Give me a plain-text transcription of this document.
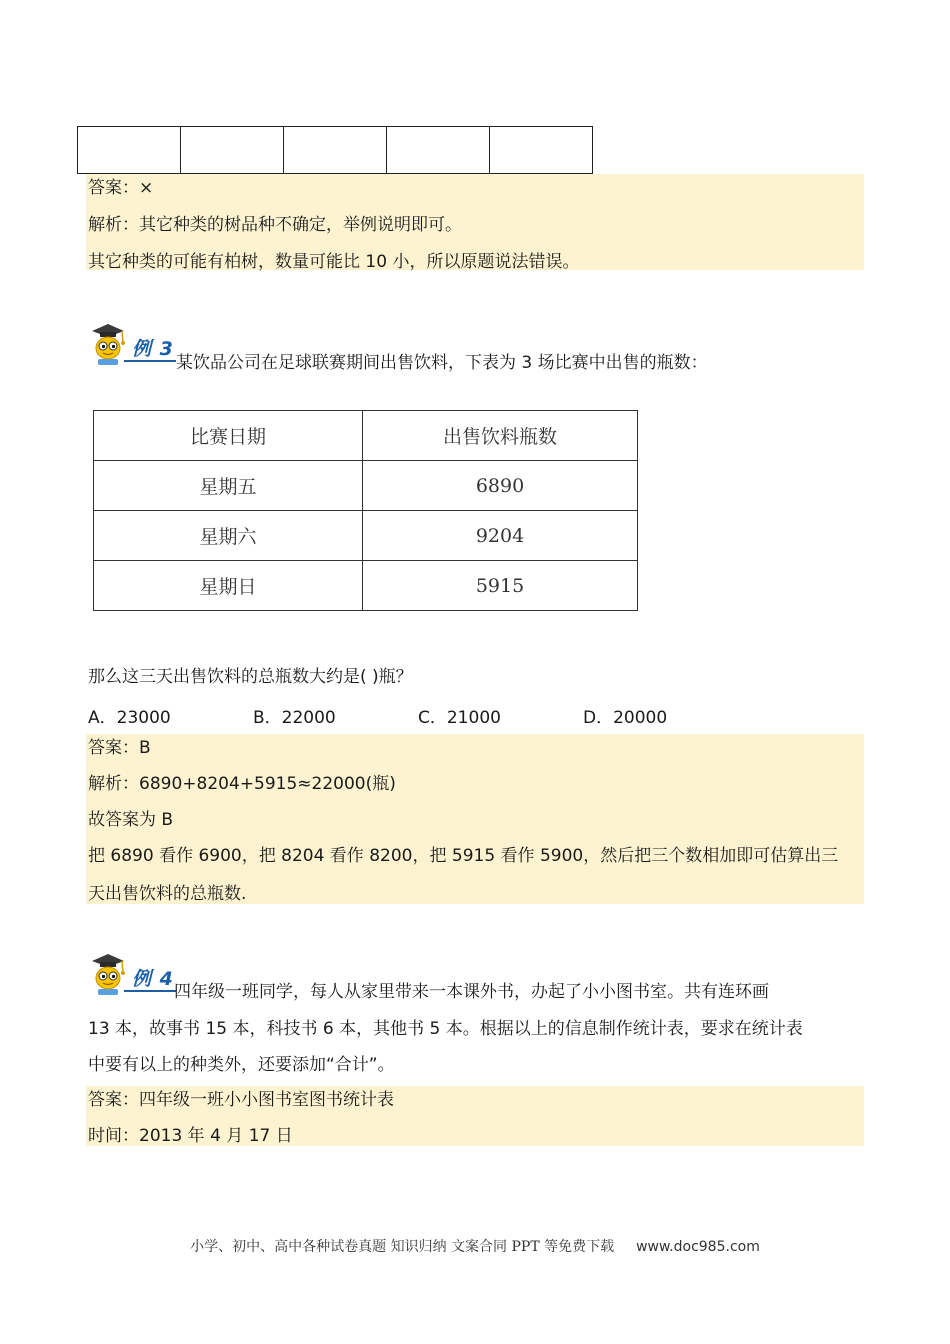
答案：×
解析：其它种类的树品种不确定，举例说明即可。
其它种类的可能有柏树，数量可能比 10 小，所以原题说法错误。
例 3
某饮品公司在足球联赛期间出售饮料，下表为 3 场比赛中出售的瓶数：
比赛日期	出售饮料瓶数
星期五	6890
星期六	9204
星期日	5915
那么这三天出售饮料的总瓶数大约是( )瓶？
A．23000	B．22000	C．21000	D．20000
答案：B
解析：6890+8204+5915≈22000(瓶)
故答案为 B
把 6890 看作 6900，把 8204 看作 8200，把 5915 看作 5900，然后把三个数相加即可估算出三
天出售饮料的总瓶数.
例 4
四年级一班同学，每人从家里带来一本课外书，办起了小小图书室。共有连环画
13 本，故事书 15 本，科技书 6 本，其他书 5 本。根据以上的信息制作统计表，要求在统计表
中要有以上的种类外，还要添加“合计”。
答案：四年级一班小小图书室图书统计表
时间：2013 年 4 月 17 日
小学、初中、高中各种试卷真题 知识归纳 文案合同 PPT 等免费下载 www.doc985.com
